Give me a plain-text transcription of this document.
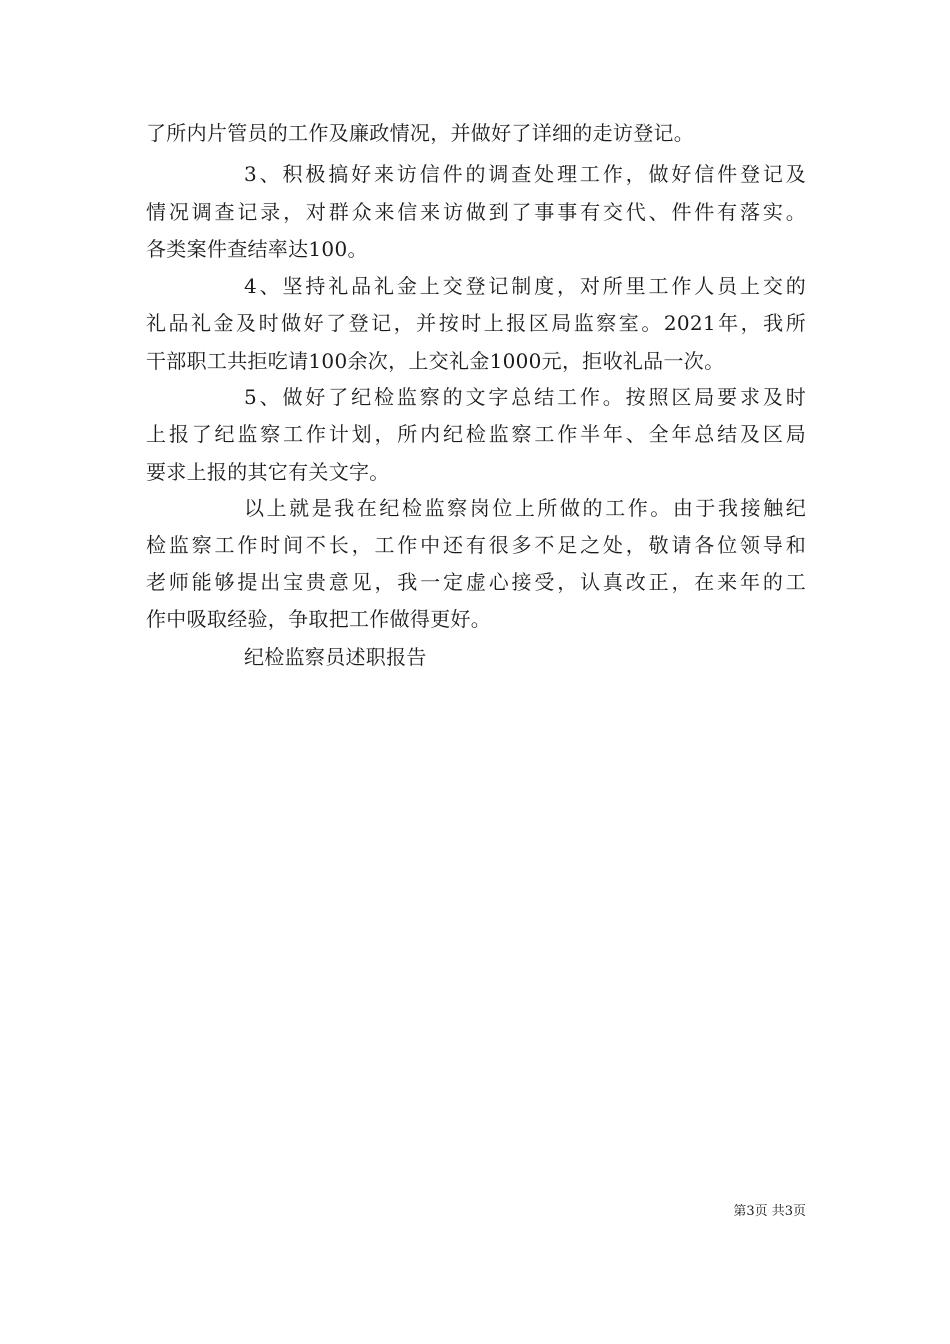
了所内片管员的工作及廉政情况，并做好了详细的走访登记。
3、积极搞好来访信件的调查处理工作，做好信件登记及
情况调查记录，对群众来信来访做到了事事有交代、件件有落实。
各类案件查结率达100。
4、坚持礼品礼金上交登记制度，对所里工作人员上交的
礼品礼金及时做好了登记，并按时上报区局监察室。2021年，我所
干部职工共拒吃请100余次，上交礼金1000元，拒收礼品一次。
5、做好了纪检监察的文字总结工作。按照区局要求及时
上报了纪监察工作计划，所内纪检监察工作半年、全年总结及区局
要求上报的其它有关文字。
以上就是我在纪检监察岗位上所做的工作。由于我接触纪
检监察工作时间不长，工作中还有很多不足之处，敬请各位领导和
老师能够提出宝贵意见，我一定虚心接受，认真改正，在来年的工
作中吸取经验，争取把工作做得更好。
纪检监察员述职报告
第3页 共3页
